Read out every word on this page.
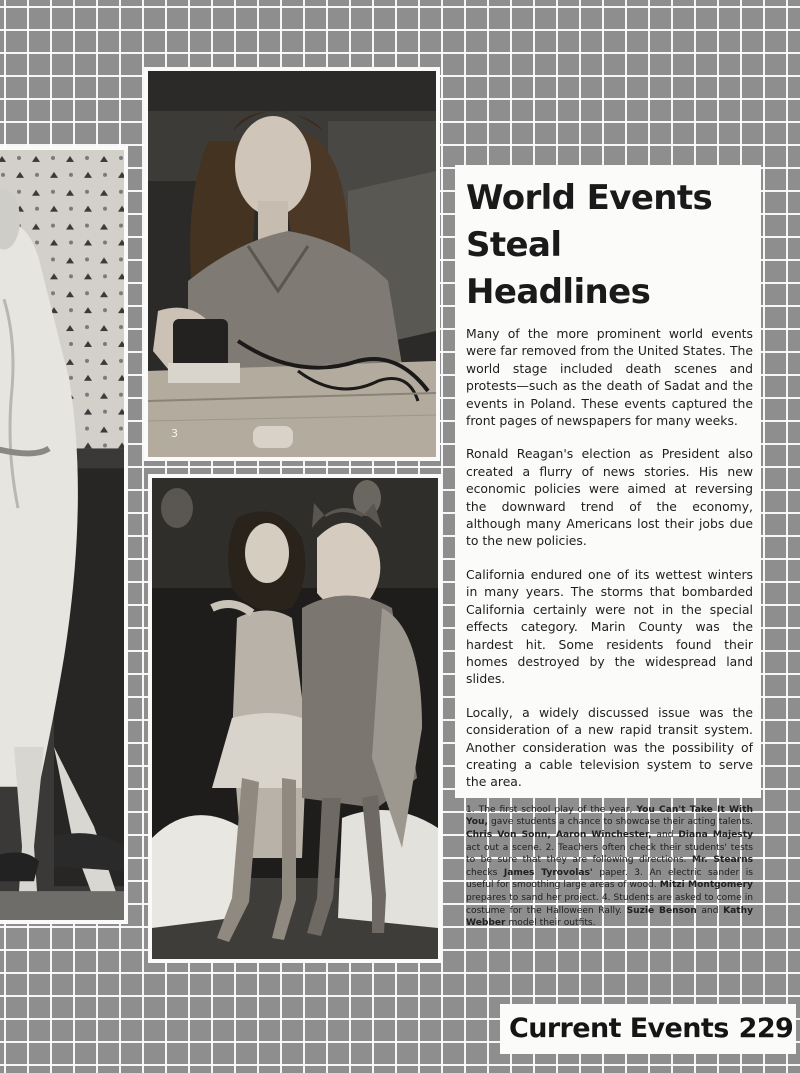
3
World Events
Steal Headlines

Many of the more prominent world events were far removed from the United States. The world stage included death scenes and protests—such as the death of Sadat and the events in Poland. These events captured the front pages of newspapers for many weeks.

Ronald Reagan's election as President also created a flurry of news stories. His new economic policies were aimed at reversing the downward trend of the economy, although many Americans lost their jobs due to the new policies.

California endured one of its wettest winters in many years. The storms that bombarded California certainly were not in the special effects category. Marin County was the hardest hit. Some residents found their homes destroyed by the widespread land slides.

Locally, a widely discussed issue was the consideration of a new rapid transit system. Another consideration was the possibility of creating a cable television system to serve the area.

1. The first school play of the year, You Can't Take It With You, gave students a chance to showcase their acting talents. Chris Von Sonn, Aaron Winchester, and Diana Majesty act out a scene. 2. Teachers often check their students' tests to be sure that they are following directions. Mr. Stearns checks James Tyrovolas' paper. 3. An electric sander is useful for smoothing large areas of wood. Mitzi Montgomery prepares to sand her project. 4. Students are asked to come in costume for the Halloween Rally. Suzie Benson and Kathy Webber model their outfits.

Current Events 229
